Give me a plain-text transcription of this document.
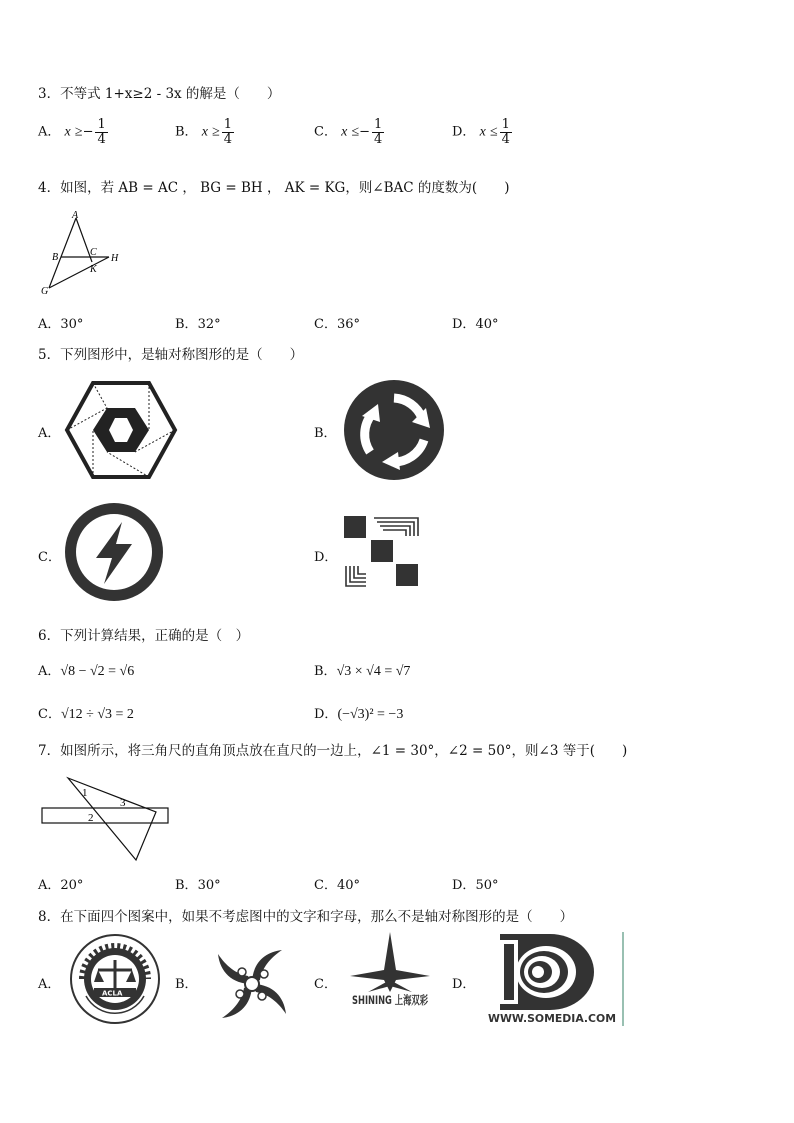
3．不等式 1+x≥2 - 3x 的解是（　　）
A． $x \ge- \frac{1}{4}$	B． $x \ge \frac{1}{4}$	C． $x \le- \frac{1}{4}$	D． $x \le \frac{1}{4}$
4．如图，若 AB = AC ， BG = BH ， AK = KG，则∠BAC 的度数为(　　)
A
B	C
H
K
G
A．30°	B．32°	C．36°	D．40°
5．下列图形中，是轴对称图形的是（　　）
A．	B．
C．	D．
6．下列计算结果，正确的是（　）
A．√8 − √2 = √6	B．√3 × √4 = √7
C．√12 ÷ √3 = 2	D．(−√3)² = −3
7．如图所示，将三角尺的直角顶点放在直尺的一边上，∠1 = 30°，∠2 = 50°，则∠3 等于(　　)
1
2
3
A．20°	B．30°	C．40°	D．50°
8．在下面四个图案中，如果不考虑图中的文字和字母，那么不是轴对称图形的是（　　）
A．
ACLA
B．	C．
SHINING 上海双彩
D．
WWW.SOMEDIA.COM
